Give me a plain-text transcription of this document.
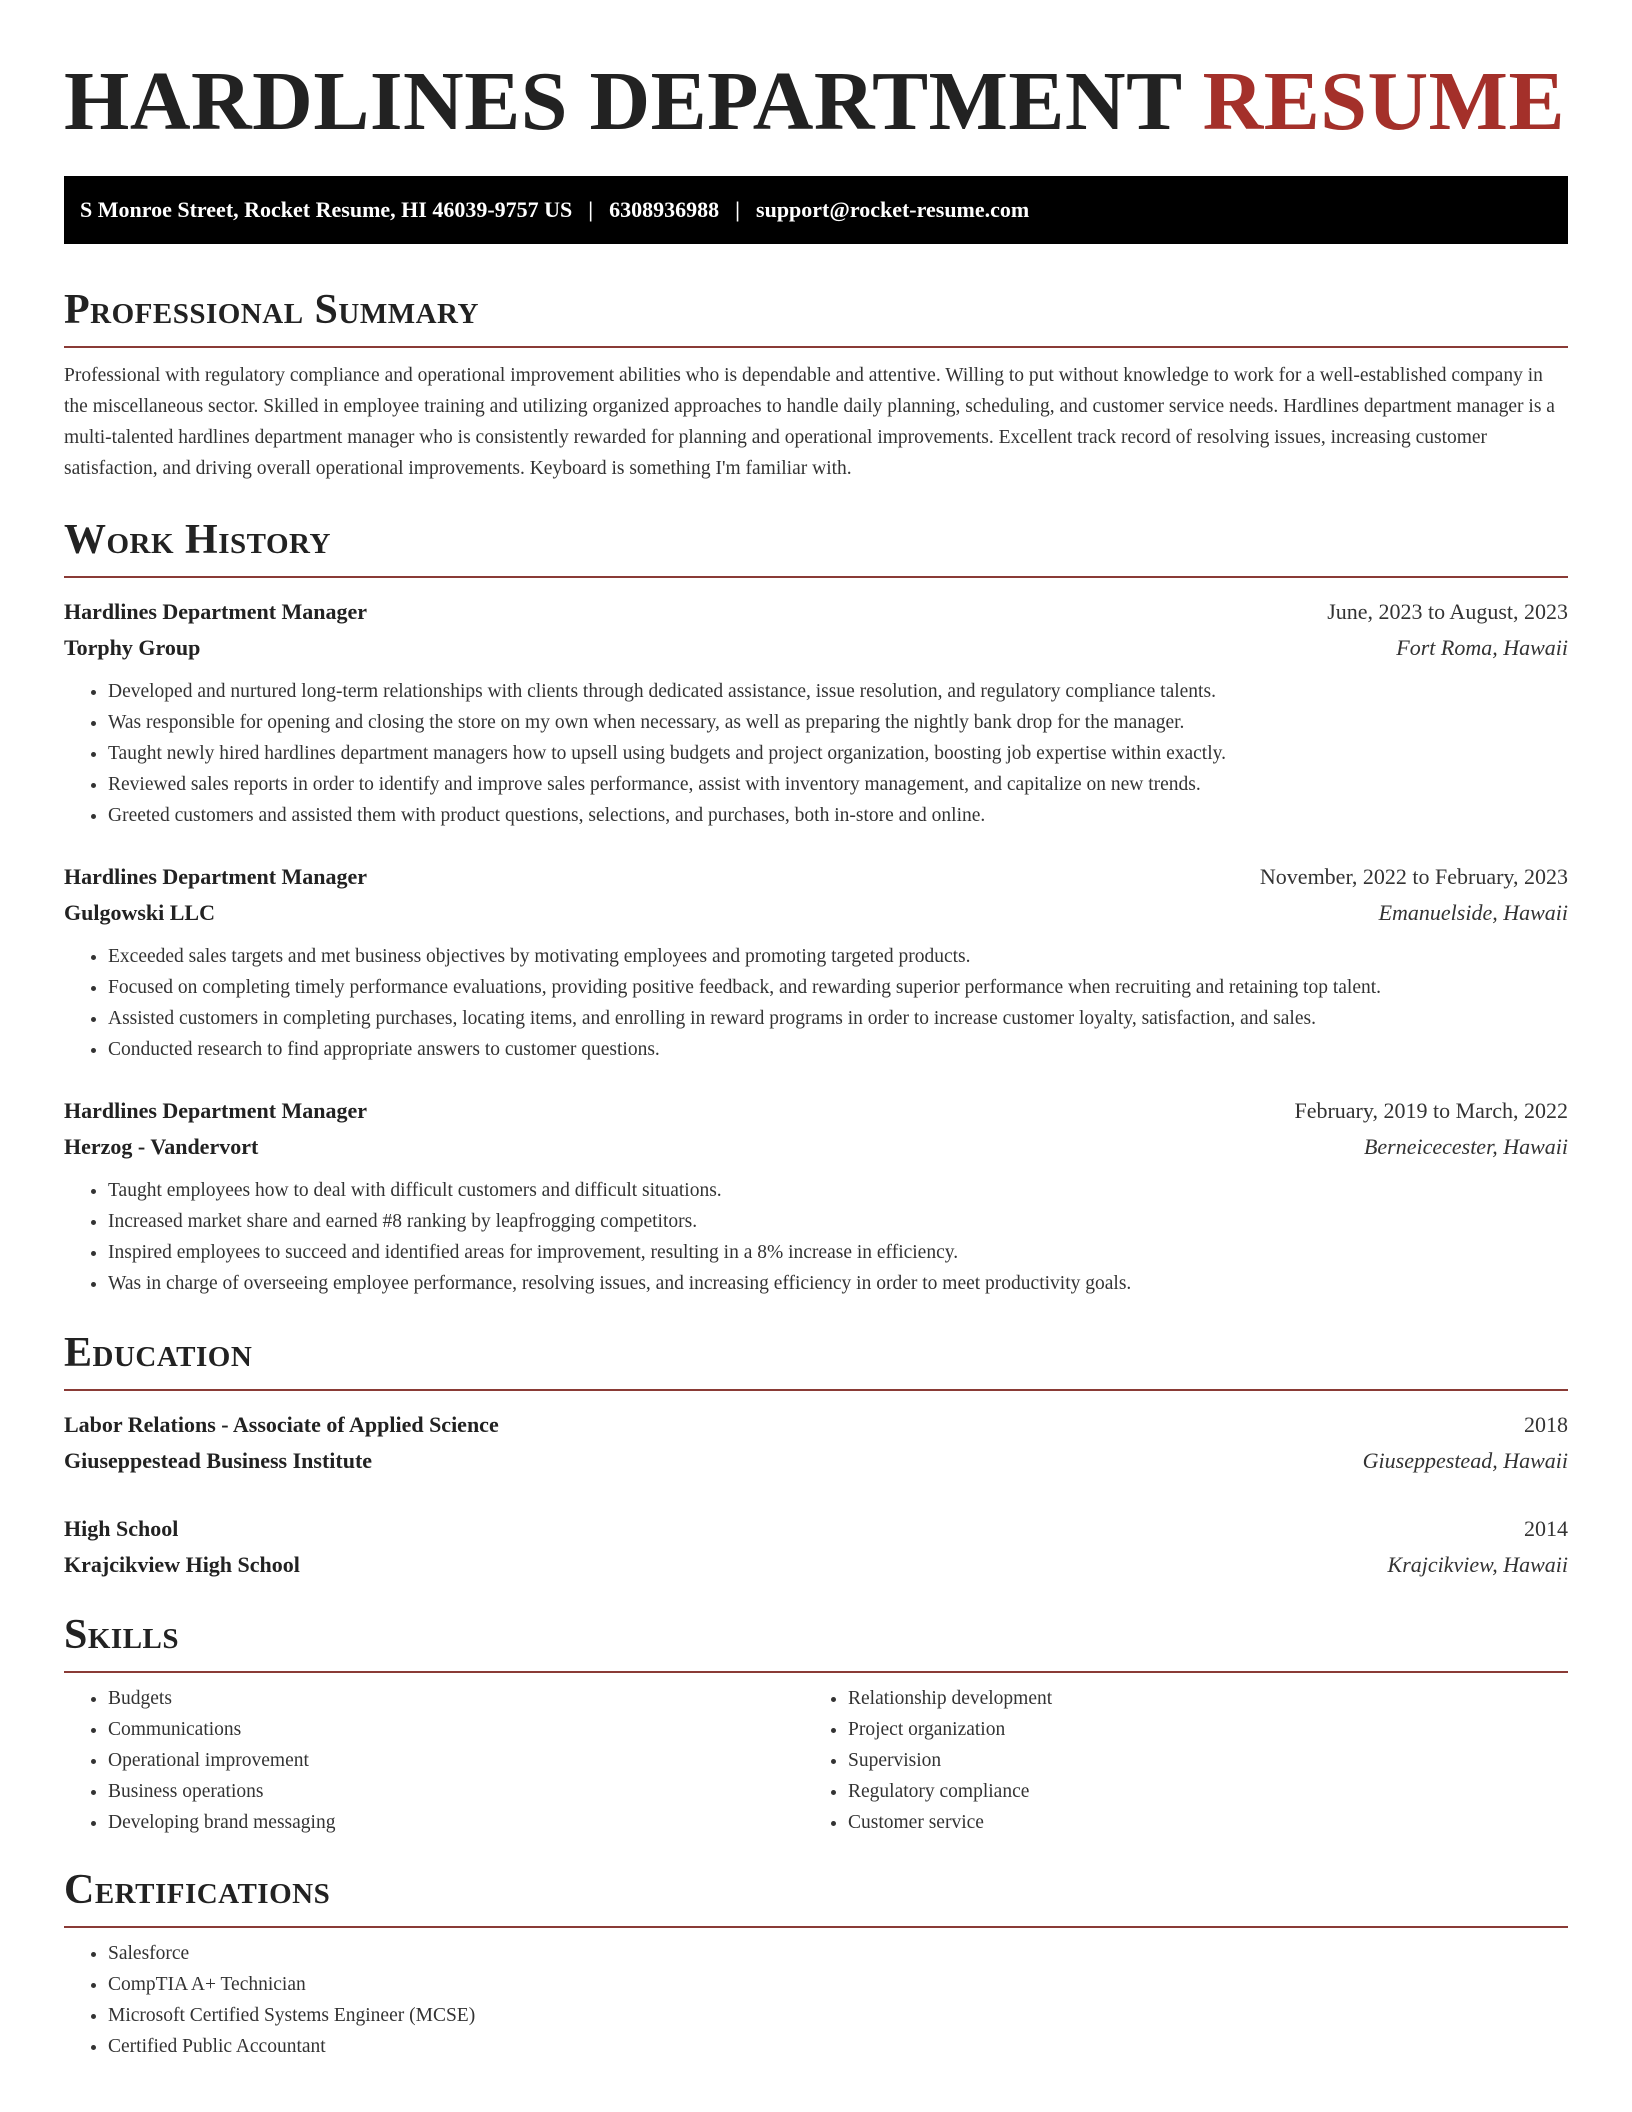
HARDLINES DEPARTMENT RESUME
S Monroe Street, Rocket Resume, HI 46039-9757 US | 6308936988 | support@rocket-resume.com
Professional Summary

Professional with regulatory compliance and operational improvement abilities who is dependable and attentive. Willing to put without knowledge to work for a well-established company in the miscellaneous sector. Skilled in employee training and utilizing organized approaches to handle daily planning, scheduling, and customer service needs. Hardlines department manager is a multi-talented hardlines department manager who is consistently rewarded for planning and operational improvements. Excellent track record of resolving issues, increasing customer satisfaction, and driving overall operational improvements. Keyboard is something I'm familiar with.

Work History
Hardlines Department Manager	June, 2023 to August, 2023
Torphy Group	Fort Roma, Hawaii
• Developed and nurtured long-term relationships with clients through dedicated assistance, issue resolution, and regulatory compliance talents.
• Was responsible for opening and closing the store on my own when necessary, as well as preparing the nightly bank drop for the manager.
• Taught newly hired hardlines department managers how to upsell using budgets and project organization, boosting job expertise within exactly.
• Reviewed sales reports in order to identify and improve sales performance, assist with inventory management, and capitalize on new trends.
• Greeted customers and assisted them with product questions, selections, and purchases, both in-store and online.
Hardlines Department Manager	November, 2022 to February, 2023
Gulgowski LLC	Emanuelside, Hawaii
• Exceeded sales targets and met business objectives by motivating employees and promoting targeted products.
• Focused on completing timely performance evaluations, providing positive feedback, and rewarding superior performance when recruiting and retaining top talent.
• Assisted customers in completing purchases, locating items, and enrolling in reward programs in order to increase customer loyalty, satisfaction, and sales.
• Conducted research to find appropriate answers to customer questions.
Hardlines Department Manager	February, 2019 to March, 2022
Herzog - Vandervort	Berneicecester, Hawaii
• Taught employees how to deal with difficult customers and difficult situations.
• Increased market share and earned #8 ranking by leapfrogging competitors.
• Inspired employees to succeed and identified areas for improvement, resulting in a 8% increase in efficiency.
• Was in charge of overseeing employee performance, resolving issues, and increasing efficiency in order to meet productivity goals.
Education
Labor Relations - Associate of Applied Science	2018
Giuseppestead Business Institute	Giuseppestead, Hawaii
High School	2014
Krajcikview High School	Krajcikview, Hawaii
Skills
• Budgets
• Communications
• Operational improvement
• Business operations
• Developing brand messaging
• Relationship development
• Project organization
• Supervision
• Regulatory compliance
• Customer service
Certifications
• Salesforce
• CompTIA A+ Technician
• Microsoft Certified Systems Engineer (MCSE)
• Certified Public Accountant
